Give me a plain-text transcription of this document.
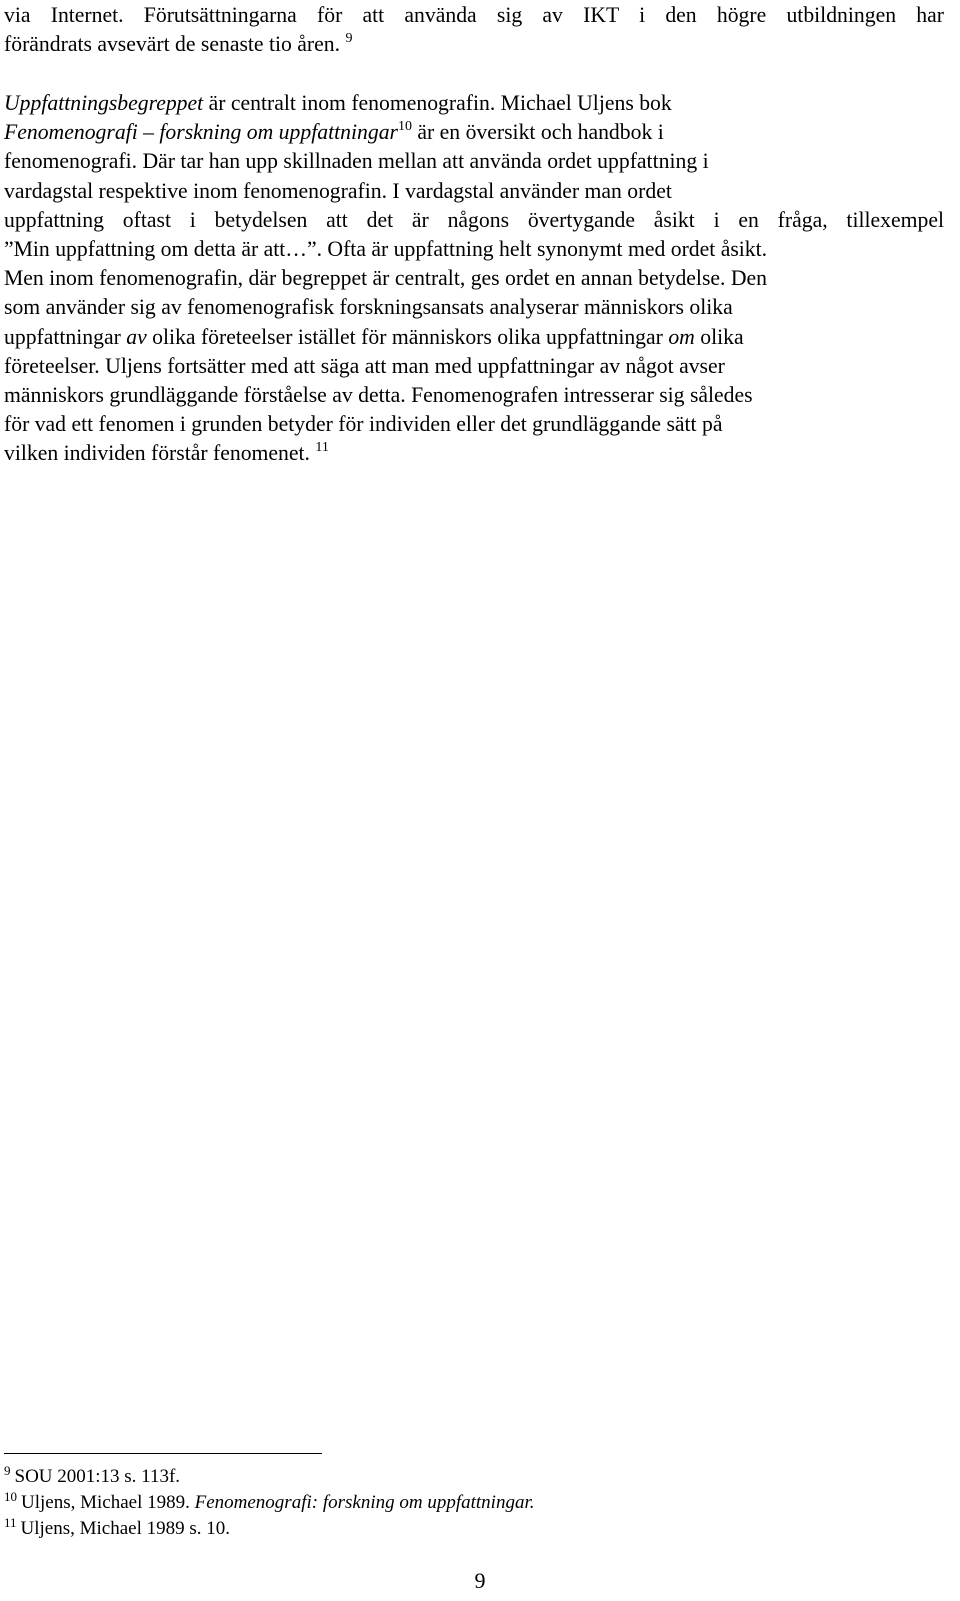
via Internet. Förutsättningarna för att använda sig av IKT i den högre utbildningen har
förändrats avsevärt de senaste tio åren. $^9$
Uppfattningsbegreppet är centralt inom fenomenografin. Michael Uljens bok
Fenomenografi – forskning om uppfattningar$^{10}$ är en översikt och handbok i
fenomenografi. Där tar han upp skillnaden mellan att använda ordet uppfattning i
vardagstal respektive inom fenomenografin. I vardagstal använder man ordet
uppfattning oftast i betydelsen att det är någons övertygande åsikt i en fråga, tillexempel
”Min uppfattning om detta är att…”. Ofta är uppfattning helt synonymt med ordet åsikt.
Men inom fenomenografin, där begreppet är centralt, ges ordet en annan betydelse. Den
som använder sig av fenomenografisk forskningsansats analyserar människors olika
uppfattningar av olika företeelser istället för människors olika uppfattningar om olika
företeelser. Uljens fortsätter med att säga att man med uppfattningar av något avser
människors grundläggande förståelse av detta. Fenomenografen intresserar sig således
för vad ett fenomen i grunden betyder för individen eller det grundläggande sätt på
vilken individen förstår fenomenet. $^{11}$
$^9$ SOU 2001:13 s. 113f.
$^{10}$ Uljens, Michael 1989. Fenomenografi: forskning om uppfattningar.
$^{11}$ Uljens, Michael 1989 s. 10.
9
